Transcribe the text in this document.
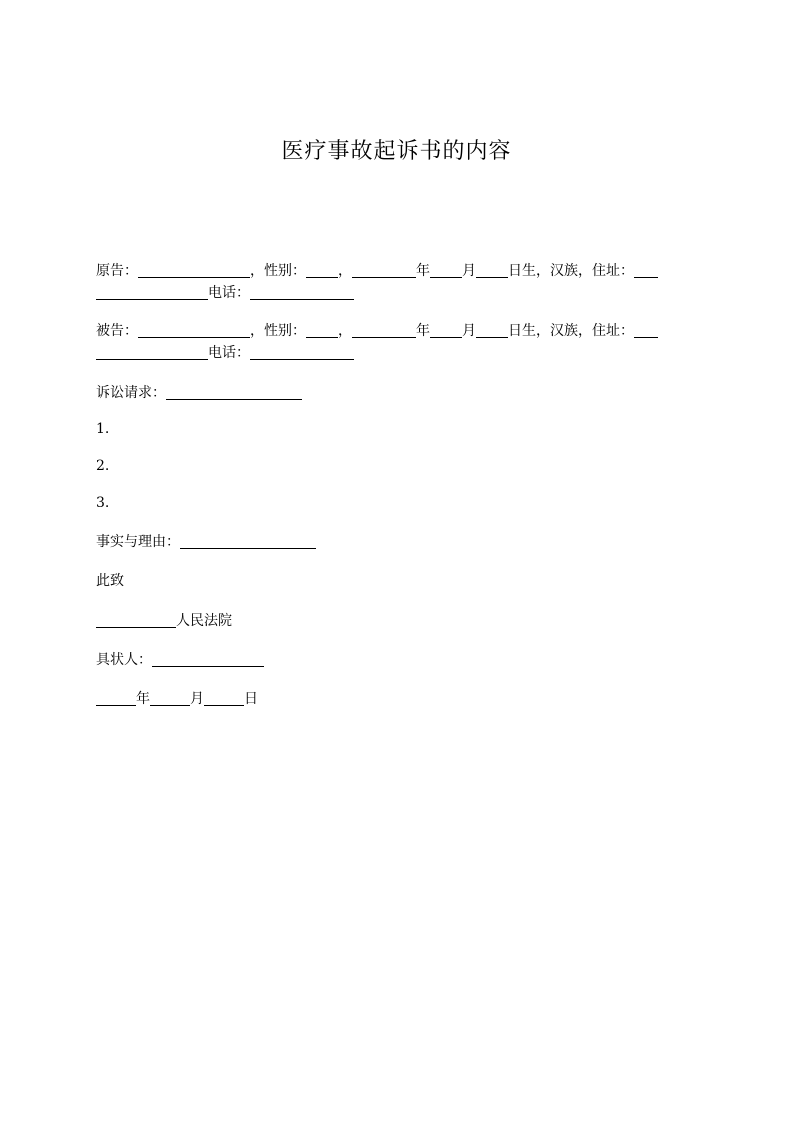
医疗事故起诉书的内容
原告：	，性别： ，	年 月 日生，汉族，住址：
电话：
被告：	，性别： ，	年 月 日生，汉族，住址：
电话：
诉讼请求：
1.
2.
3.
事实与理由：
此致
人民法院
具状人：
年	月	日
